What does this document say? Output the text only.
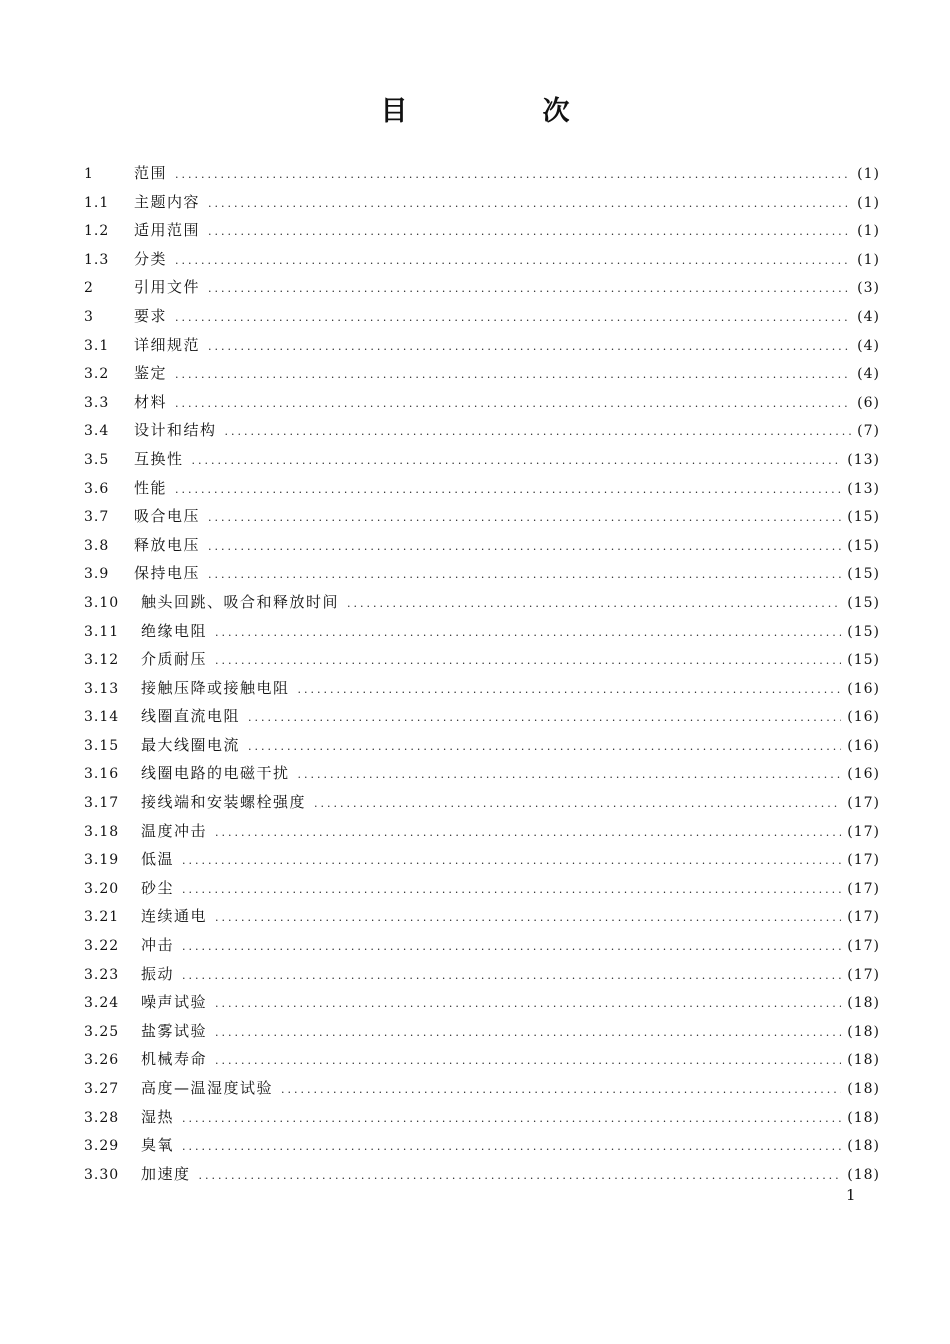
目　次
1	范围 .....	(1)
1.1	主题内容 .....	(1)
1.2	适用范围 .....	(1)
1.3	分类 .....	(1)
2	引用文件 .....	(3)
3	要求 .....	(4)
3.1	详细规范 .....	(4)
3.2	鉴定 .....	(4)
3.3	材料 .....	(6)
3.4	设计和结构 .....	(7)
3.5	互换性 .....	(13)
3.6	性能 .....	(13)
3.7	吸合电压 .....	(15)
3.8	释放电压 .....	(15)
3.9	保持电压 .....	(15)
3.10	触头回跳、吸合和释放时间 .....	(15)
3.11	绝缘电阻 .....	(15)
3.12	介质耐压 .....	(15)
3.13	接触压降或接触电阻 .....	(16)
3.14	线圈直流电阻 .....	(16)
3.15	最大线圈电流 .....	(16)
3.16	线圈电路的电磁干扰 .....	(16)
3.17	接线端和安装螺栓强度 .....	(17)
3.18	温度冲击 .....	(17)
3.19	低温 .....	(17)
3.20	砂尘 .....	(17)
3.21	连续通电 .....	(17)
3.22	冲击 .....	(17)
3.23	振动 .....	(17)
3.24	噪声试验 .....	(18)
3.25	盐雾试验 .....	(18)
3.26	机械寿命 .....	(18)
3.27	高度—温湿度试验 .....	(18)
3.28	湿热 .....	(18)
3.29	臭氧 .....	(18)
3.30	加速度 .....	(18)
1
